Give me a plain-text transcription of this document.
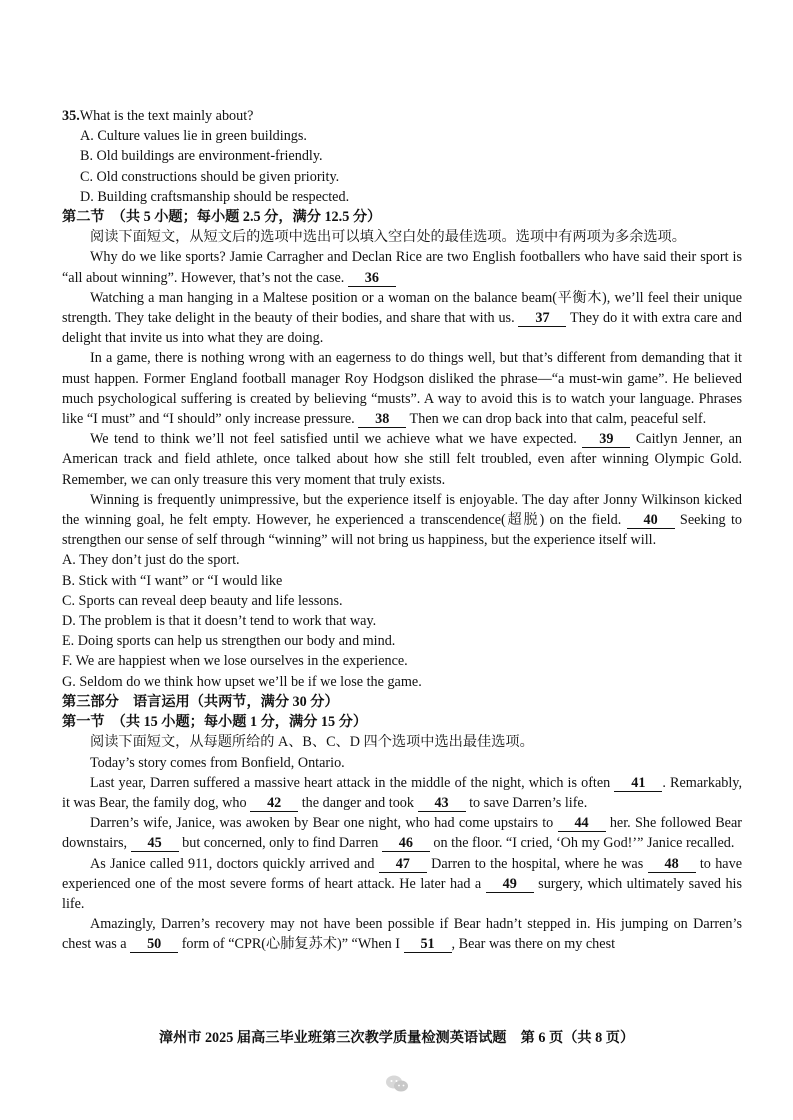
35.What is the text mainly about?

A. Culture values lie in green buildings.

B. Old buildings are environment-friendly.

C. Old constructions should be given priority.

D. Building craftsmanship should be respected.

第二节　（共 5 小题；每小题 2.5 分，满分 12.5 分）

阅读下面短文，从短文后的选项中选出可以填入空白处的最佳选项。选项中有两项为多余选项。

Why do we like sports? Jamie Carragher and Declan Rice are two English footballers who have said their sport is “all about winning”. However, that’s not the case. 36

Watching a man hanging in a Maltese position or a woman on the balance beam(平衡木), we’ll feel their unique strength. They take delight in the beauty of their bodies, and share that with us. 37 They do it with extra care and delight that invite us into what they are doing.

In a game, there is nothing wrong with an eagerness to do things well, but that’s different from demanding that it must happen. Former England football manager Roy Hodgson disliked the phrase—“a must-win game”. He believed much psychological suffering is created by believing “musts”. A way to avoid this is to watch your language. Phrases like “I must” and “I should” only increase pressure. 38 Then we can drop back into that calm, peaceful self.

We tend to think we’ll not feel satisfied until we achieve what we have expected. 39 Caitlyn Jenner, an American track and field athlete, once talked about how she still felt troubled, even after winning Olympic Gold. Remember, we can only treasure this very moment that truly exists.

Winning is frequently unimpressive, but the experience itself is enjoyable. The day after Jonny Wilkinson kicked the winning goal, he felt empty. However, he experienced a transcendence(超脱) on the field. 40 Seeking to strengthen our sense of self through “winning” will not bring us happiness, but the experience itself will.

A. They don’t just do the sport.

B. Stick with “I want” or “I would like

C. Sports can reveal deep beauty and life lessons.

D. The problem is that it doesn’t tend to work that way.

E. Doing sports can help us strengthen our body and mind.

F. We are happiest when we lose ourselves in the experience.

G. Seldom do we think how upset we’ll be if we lose the game.

第三部分　语言运用（共两节，满分 30 分）

第一节　（共 15 小题；每小题 1 分，满分 15 分）

阅读下面短文，从每题所给的 A、B、C、D 四个选项中选出最佳选项。

Today’s story comes from Bonfield, Ontario.

Last year, Darren suffered a massive heart attack in the middle of the night, which is often 41 . Remarkably, it was Bear, the family dog, who 42 the danger and took 43 to save Darren’s life.

Darren’s wife, Janice, was awoken by Bear one night, who had come upstairs to 44 her. She followed Bear downstairs, 45 but concerned, only to find Darren 46 on the floor. “I cried, ‘Oh my God!’” Janice recalled.

As Janice called 911, doctors quickly arrived and 47 Darren to the hospital, where he was 48 to have experienced one of the most severe forms of heart attack. He later had a 49 surgery, which ultimately saved his life.

Amazingly, Darren’s recovery may not have been possible if Bear hadn’t stepped in. His jumping on Darren’s chest was a 50 form of “CPR(心肺复苏术)” “When I 51 , Bear was there on my chest

漳州市 2025 届高三毕业班第三次教学质量检测英语试题　第 6 页（共 8 页）
